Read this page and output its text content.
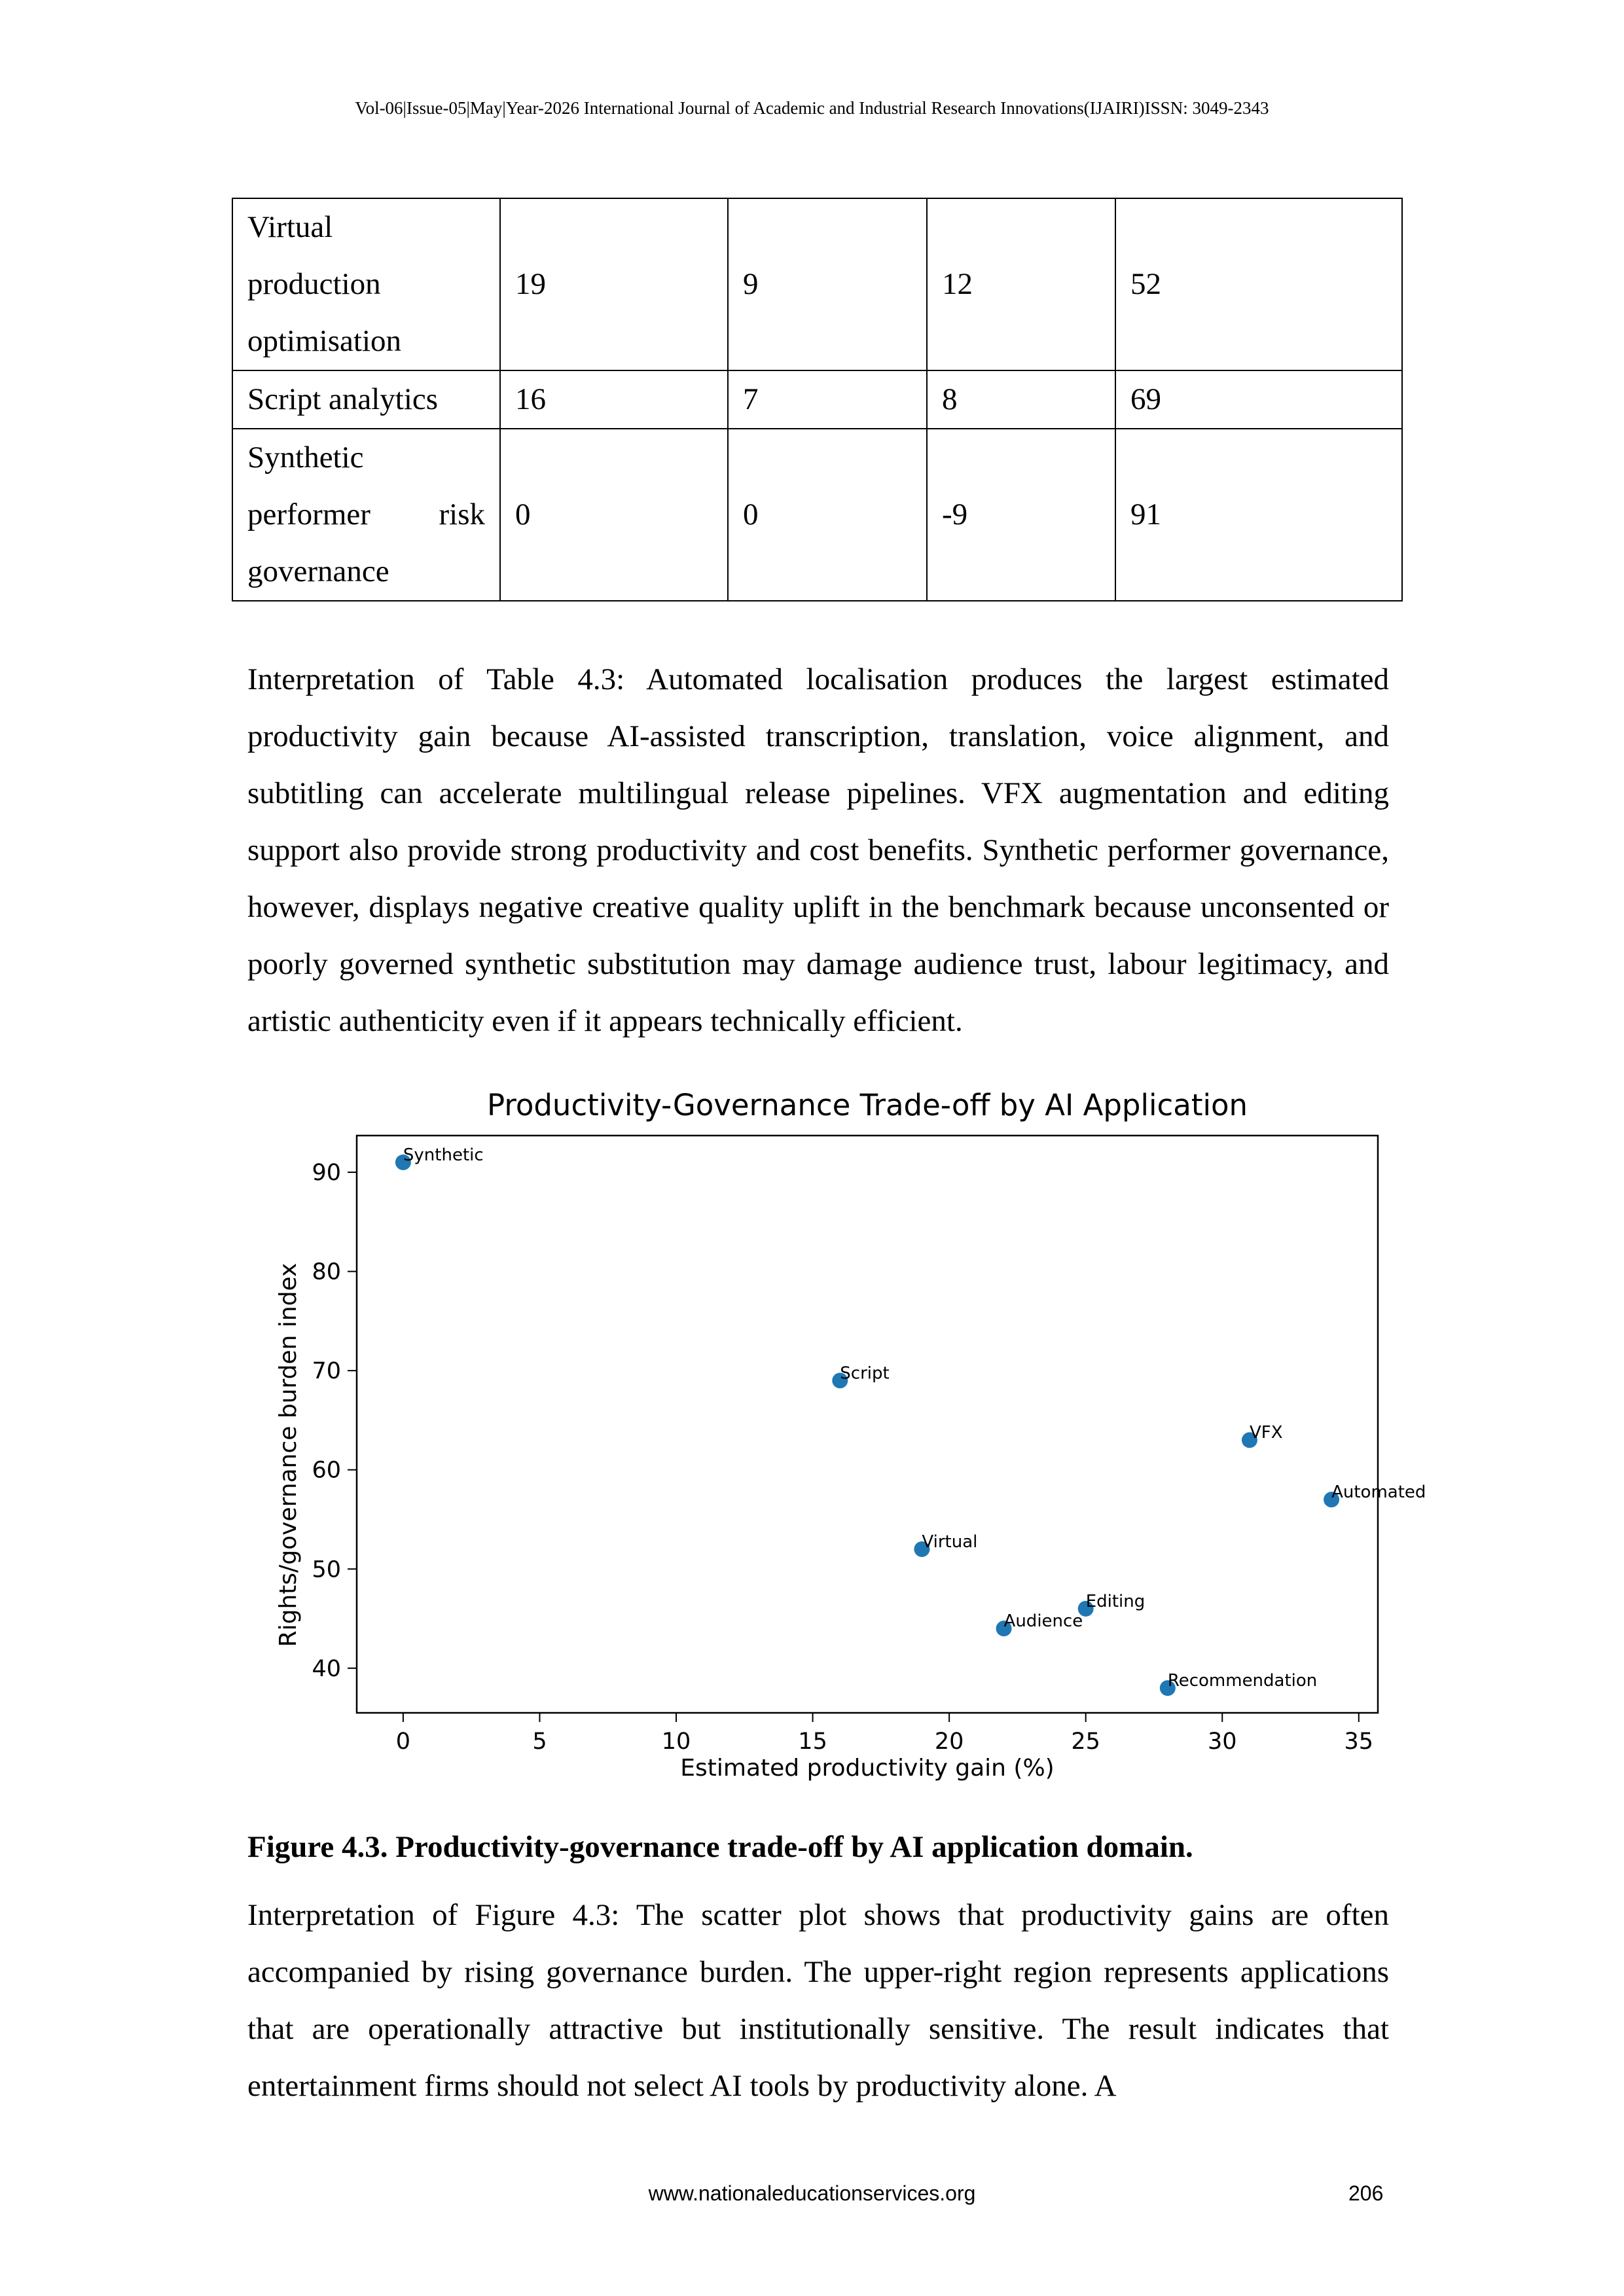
Vol-06|Issue-05|May|Year-2026 International Journal of Academic and Industrial Research Innovations(IJAIRI)ISSN: 3049-2343
Virtual
production
optimisation	19	9	12	52
Script analytics	16	7	8	69

Synthetic
performer risk
governance	0	0	-9	91
Interpretation of Table 4.3: Automated localisation produces the largest estimated productivity gain because AI-assisted transcription, translation, voice alignment, and subtitling can accelerate multilingual release pipelines. VFX augmentation and editing support also provide strong productivity and cost benefits. Synthetic performer governance, however, displays negative creative quality uplift in the benchmark because unconsented or poorly governed synthetic substitution may damage audience trust, labour legitimacy, and artistic authenticity even if it appears technically efficient.
Productivity-Governance Trade-off by AI Application
Estimated productivity gain (%)
Rights/governance burden index
0	5	10	15	20	25	30	35
40
50
60
70
80
90
Synthetic
Script
VFX
Automated
Virtual
Editing
Audience
Recommendation
Figure 4.3. Productivity-governance trade-off by AI application domain.
Interpretation of Figure 4.3: The scatter plot shows that productivity gains are often accompanied by rising governance burden. The upper-right region represents applications that are operationally attractive but institutionally sensitive. The result indicates that entertainment firms should not select AI tools by productivity alone. A
www.nationaleducationservices.org	206
